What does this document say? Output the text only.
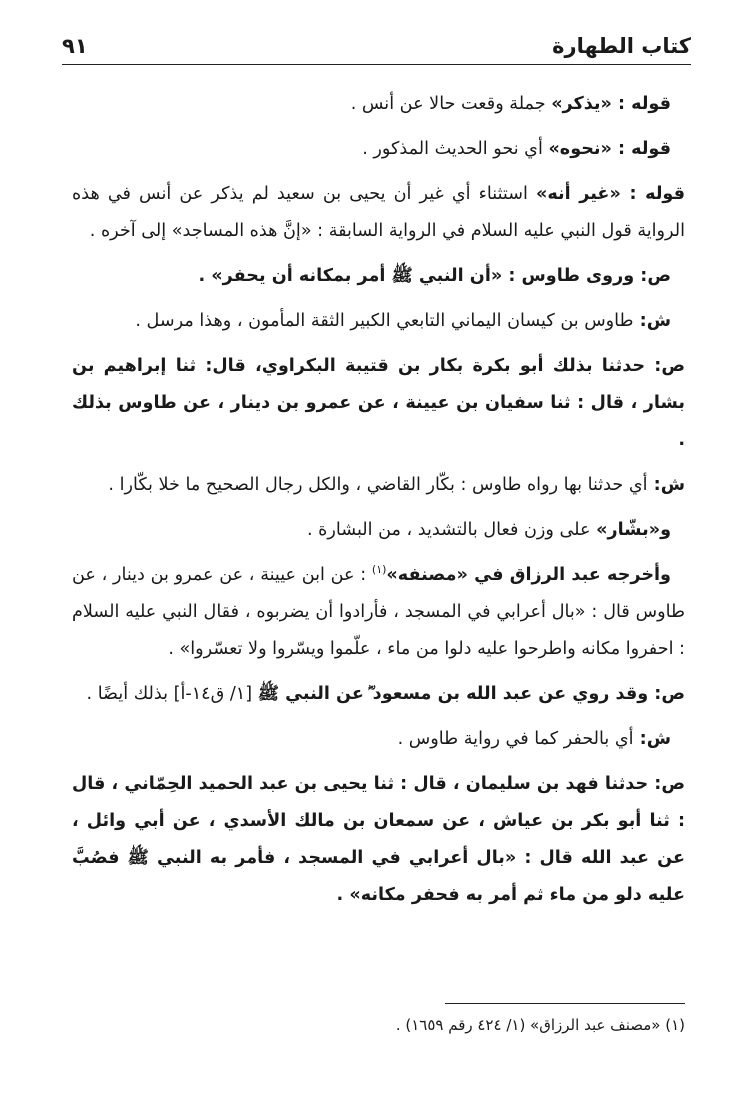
كتاب الطهارة
٩١

قوله : «يذكر» جملة وقعت حالا عن أنس .

قوله : «نحوه» أي نحو الحديث المذكور .

قوله : «غير أنه» استثناء أي غير أن يحيى بن سعيد لم يذكر عن أنس في هذه الرواية قول النبي عليه السلام في الرواية السابقة : «إنَّ هذه المساجد» إلى آخره .

ص: وروى طاوس : «أن النبي ﷺ أمر بمكانه أن يحفر» .

ش: طاوس بن كيسان اليماني التابعي الكبير الثقة المأمون ، وهذا مرسل .

ص: حدثنا بذلك أبو بكرة بكار بن قتيبة البكراوي، قال: ثنا إبراهيم بن بشار ، قال : ثنا سفيان بن عيينة ، عن عمرو بن دينار ، عن طاوس بذلك .

ش: أي حدثنا بها رواه طاوس : بكّار القاضي ، والكل رجال الصحيح ما خلا بكّارا .

و«بشّار» على وزن فعال بالتشديد ، من البشارة .

وأخرجه عبد الرزاق في «مصنفه»$^{(١)}$ : عن ابن عيينة ، عن عمرو بن دينار ، عن طاوس قال : «بال أعرابي في المسجد ، فأرادوا أن يضربوه ، فقال النبي عليه السلام : احفروا مكانه واطرحوا عليه دلوا من ماء ، علّموا ويسّروا ولا تعسّروا» .

ص: وقد روي عن عبد الله بن مسعود ؓ عن النبي ﷺ [١/ ق١٤-أ] بذلك أيضًا .

ش: أي بالحفر كما في رواية طاوس .

ص: حدثنا فهد بن سليمان ، قال : ثنا يحيى بن عبد الحميد الحِمّاني ، قال : ثنا أبو بكر بن عياش ، عن سمعان بن مالك الأسدي ، عن أبي وائل ، عن عبد الله قال : «بال أعرابي في المسجد ، فأمر به النبي ﷺ فصُبَّ عليه دلو من ماء ثم أمر به فحفر مكانه» .

(١) «مصنف عبد الرزاق» (١/ ٤٢٤ رقم ١٦٥٩) .
